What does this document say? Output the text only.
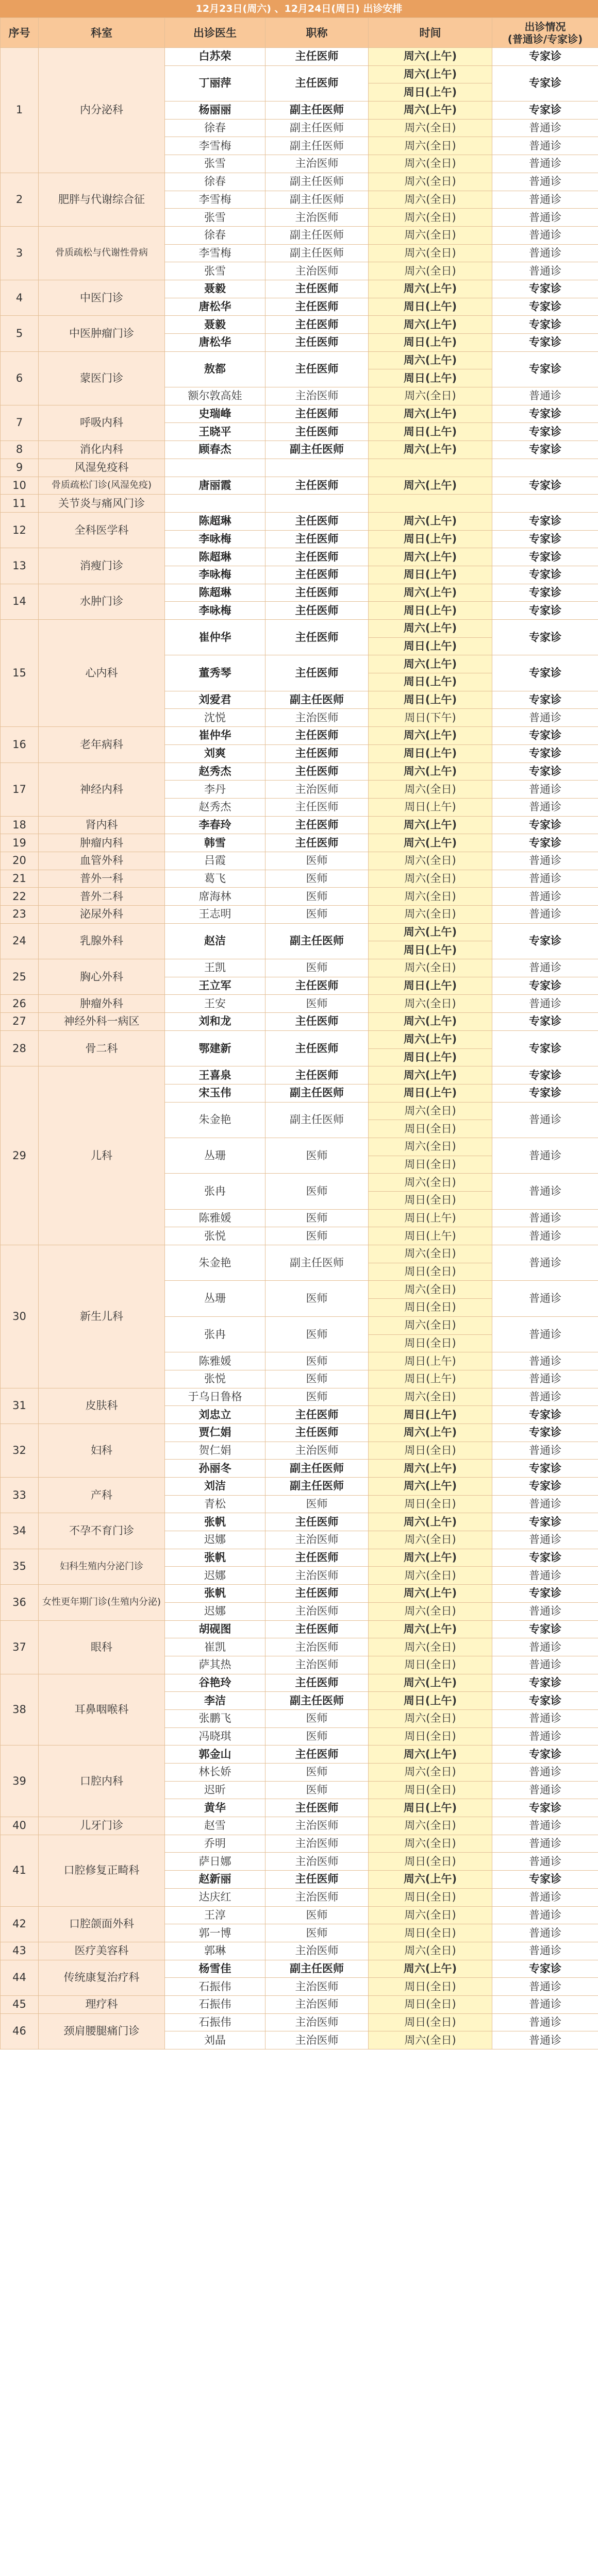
12月23日(周六) 、12月24日(周日) 出诊安排
序号	科室	出诊医生	职称	时间	出诊情况
(普通诊/专家诊)
1	内分泌科	白苏荣	主任医师	周六(上午)	专家诊
		丁丽萍	主任医师	周六(上午)	专家诊
				周日(上午)	
		杨丽丽	副主任医师	周六(上午)	专家诊
		徐春	副主任医师	周六(全日)	普通诊
		李雪梅	副主任医师	周六(全日)	普通诊
		张雪	主治医师	周六(全日)	普通诊
2	肥胖与代谢综合征	徐春	副主任医师	周六(全日)	普通诊
		李雪梅	副主任医师	周六(全日)	普通诊
		张雪	主治医师	周六(全日)	普通诊
3	骨质疏松与代谢性骨病	徐春	副主任医师	周六(全日)	普通诊
		李雪梅	副主任医师	周六(全日)	普通诊
		张雪	主治医师	周六(全日)	普通诊
4	中医门诊	聂毅	主任医师	周六(上午)	专家诊
		唐松华	主任医师	周日(上午)	专家诊
5	中医肿瘤门诊	聂毅	主任医师	周六(上午)	专家诊
		唐松华	主任医师	周日(上午)	专家诊
6	蒙医门诊	敖都	主任医师	周六(上午)	专家诊
				周日(上午)	
		额尔敦高娃	主治医师	周六(全日)	普通诊
7	呼吸内科	史瑞峰	主任医师	周六(上午)	专家诊
		王晓平	主任医师	周日(上午)	专家诊
8	消化内科	顾春杰	副主任医师	周六(上午)	专家诊
9	风湿免疫科				
10	骨质疏松门诊(风湿免疫)	唐丽霞	主任医师	周六(上午)	专家诊
11	关节炎与痛风门诊				
12	全科医学科	陈超琳	主任医师	周六(上午)	专家诊
		李咏梅	主任医师	周日(上午)	专家诊
13	消瘦门诊	陈超琳	主任医师	周六(上午)	专家诊
		李咏梅	主任医师	周日(上午)	专家诊
14	水肿门诊	陈超琳	主任医师	周六(上午)	专家诊
		李咏梅	主任医师	周日(上午)	专家诊
15	心内科	崔仲华	主任医师	周六(上午)	专家诊
				周日(上午)	
		董秀琴	主任医师	周六(上午)	专家诊
				周日(上午)	
		刘爱君	副主任医师	周日(上午)	专家诊
		沈悦	主治医师	周日(下午)	普通诊
16	老年病科	崔仲华	主任医师	周六(上午)	专家诊
		刘爽	主任医师	周日(上午)	专家诊
17	神经内科	赵秀杰	主任医师	周六(上午)	专家诊
		李丹	主治医师	周六(全日)	普通诊
		赵秀杰	主任医师	周日(上午)	普通诊
18	肾内科	李春玲	主任医师	周六(上午)	专家诊
19	肿瘤内科	韩雪	主任医师	周六(上午)	专家诊
20	血管外科	吕霞	医师	周六(全日)	普通诊
21	普外一科	葛飞	医师	周六(全日)	普通诊
22	普外二科	席海林	医师	周六(全日)	普通诊
23	泌尿外科	王志明	医师	周六(全日)	普通诊
24	乳腺外科	赵洁	副主任医师	周六(上午)	专家诊
				周日(上午)	
25	胸心外科	王凯	医师	周六(全日)	普通诊
		王立军	主任医师	周日(上午)	专家诊
26	肿瘤外科	王安	医师	周六(全日)	普通诊
27	神经外科一病区	刘和龙	主任医师	周六(上午)	专家诊
28	骨二科	鄂建新	主任医师	周六(上午)	专家诊
				周日(上午)	
29	儿科	王喜泉	主任医师	周六(上午)	专家诊
		宋玉伟	副主任医师	周日(上午)	专家诊
		朱金艳	副主任医师	周六(全日)	普通诊
				周日(全日)	
		丛珊	医师	周六(全日)	普通诊
				周日(全日)	
		张冉	医师	周六(全日)	普通诊
				周日(全日)	
		陈雅媛	医师	周日(上午)	普通诊
		张悦	医师	周日(上午)	普通诊
30	新生儿科	朱金艳	副主任医师	周六(全日)	普通诊
				周日(全日)	
		丛珊	医师	周六(全日)	普通诊
				周日(全日)	
		张冉	医师	周六(全日)	普通诊
				周日(全日)	
		陈雅媛	医师	周日(上午)	普通诊
		张悦	医师	周日(上午)	普通诊
31	皮肤科	于乌日鲁格	医师	周六(全日)	普通诊
		刘忠立	主任医师	周日(上午)	专家诊
32	妇科	贾仁娟	主任医师	周六(上午)	专家诊
		贺仁娟	主治医师	周日(全日)	普通诊
		孙丽冬	副主任医师	周六(上午)	专家诊
33	产科	刘洁	副主任医师	周六(上午)	专家诊
		青松	医师	周日(全日)	普通诊
34	不孕不育门诊	张帆	主任医师	周六(上午)	专家诊
		迟娜	主治医师	周六(全日)	普通诊
35	妇科生殖内分泌门诊	张帆	主任医师	周六(上午)	专家诊
		迟娜	主治医师	周六(全日)	普通诊
36	女性更年期门诊(生殖内分泌)	张帆	主任医师	周六(上午)	专家诊
		迟娜	主治医师	周六(全日)	普通诊
37	眼科	胡砚图	主任医师	周六(上午)	专家诊
		崔凯	主治医师	周六(全日)	普通诊
		萨其热	主治医师	周日(全日)	普通诊
38	耳鼻咽喉科	谷艳玲	主任医师	周六(上午)	专家诊
		李洁	副主任医师	周日(上午)	专家诊
		张鹏飞	医师	周六(全日)	普通诊
		冯晓琪	医师	周日(全日)	普通诊
39	口腔内科	郭金山	主任医师	周六(上午)	专家诊
		林长娇	医师	周六(全日)	普通诊
		迟昕	医师	周日(全日)	普通诊
		黄华	主任医师	周日(上午)	专家诊
40	儿牙门诊	赵雪	主治医师	周六(全日)	普通诊
41	口腔修复正畸科	乔明	主治医师	周六(全日)	普通诊
		萨日娜	主治医师	周日(全日)	普通诊
		赵新丽	主任医师	周六(上午)	专家诊
		达庆红	主治医师	周日(全日)	普通诊
42	口腔颌面外科	王淳	医师	周六(全日)	普通诊
		郭一博	医师	周日(全日)	普通诊
43	医疗美容科	郭琳	主治医师	周六(全日)	普通诊
44	传统康复治疗科	杨雪佳	副主任医师	周六(上午)	专家诊
		石振伟	主治医师	周日(全日)	普通诊
45	理疗科	石振伟	主治医师	周日(全日)	普通诊
46	颈肩腰腿痛门诊	石振伟	主治医师	周日(全日)	普通诊
		刘晶	主治医师	周六(全日)	普通诊
